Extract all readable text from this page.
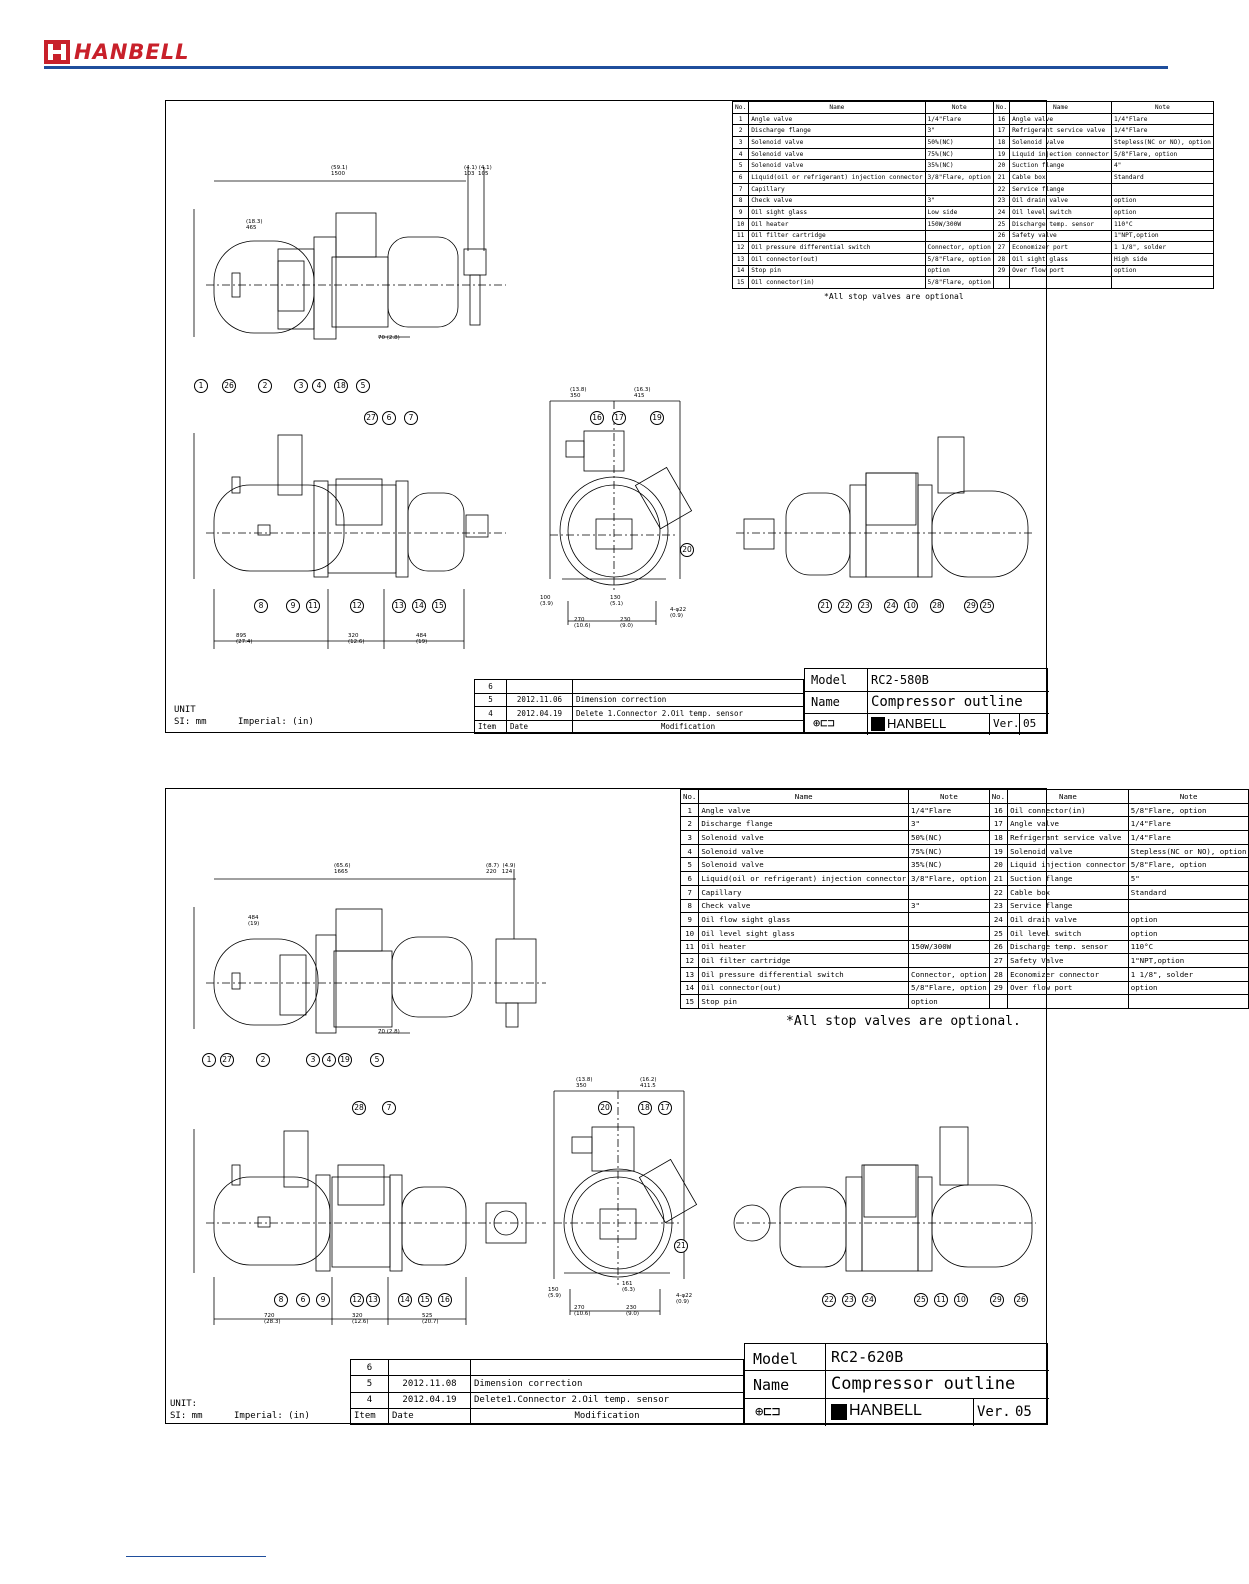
HANBELL
No.	Name	Note	No.	Name	Note
1	Angle valve	1/4"Flare	16	Angle valve	1/4"Flare
2	Discharge flange	3"	17	Refrigerant service valve	1/4"Flare
3	Solenoid valve	50%(NC)	18	Solenoid valve	Stepless(NC or NO), option
4	Solenoid valve	75%(NC)	19	Liquid injection connector	5/8"Flare, option
5	Solenoid valve	35%(NC)	20	Suction flange	4"
6	Liquid(oil or refrigerant) injection connector	3/8"Flare, option	21	Cable box	Standard
7	Capillary		22	Service flange	
8	Check valve	3"	23	Oil drain valve	option
9	Oil sight glass	Low side	24	Oil level switch	option
10	Oil heater	150W/300W	25	Discharge temp. sensor	110°C
11	Oil filter cartridge		26	Safety valve	1"NPT,option
12	Oil pressure differential switch	Connector, option	27	Economizer port	1 1/8", solder
13	Oil connector(out)	5/8"Flare, option	28	Oil sight glass	High side
14	Stop pin	option	29	Over flow port	option
15	Oil connector(in)	5/8"Flare, option			
*All stop valves are optional
1	26	2	3	4	18	5
27	6	7
8	9	11	12	13 14 15
16 17	19
20
21 22 23 24 10 28	29 25
(59.1)
1500
(4.1) (4.1)
103  105
(18.3)
465
70 (2.8)
895
(27.4)
320
(12.6)
484
(19)
270
(10.6)
230
(9.0)
100
(3.9)
130
(5.1)
4-φ22
(0.9)
(13.8)
350
(16.3)
415
6		
5	2012.11.06	Dimension correction
4	2012.04.19	Delete 1.Connector 2.Oil temp. sensor
Item	Date	Modification
Model RC2-580B
Name Compressor outline
⊕⊏⊐	HANBELL	Ver. 05
UNIT
SI: mm	Imperial: (in)
No.	Name	Note	No.	Name	Note
1	Angle valve	1/4"Flare	16	Oil connector(in)	5/8"Flare, option
2	Discharge flange	3"	17	Angle valve	1/4"Flare
3	Solenoid valve	50%(NC)	18	Refrigerant service valve	1/4"Flare
4	Solenoid valve	75%(NC)	19	Solenoid valve	Stepless(NC or NO), option
5	Solenoid valve	35%(NC)	20	Liquid injection connector	5/8"Flare, option
6	Liquid(oil or refrigerant) injection connector	3/8"Flare, option	21	Suction flange	5"
7	Capillary		22	Cable box	Standard
8	Check valve	3"	23	Service flange	
9	Oil flow sight glass		24	Oil drain valve	option
10	Oil level sight glass		25	Oil level switch	option
11	Oil heater	150W/300W	26	Discharge temp. sensor	110°C
12	Oil filter cartridge		27	Safety Valve	1"NPT,option
13	Oil pressure differential switch	Connector, option	28	Economizer connector	1 1/8", solder
14	Oil connector(out)	5/8"Flare, option	29	Over flow port	option
15	Stop pin	option			
*All stop valves are optional.
1	27	2	3	4	19	5
28	7
8	6	9	12 13	14 15 16
20	18 17
21
22 23 24	25 11 10	29 26
(65.6)
1665
(8.7)  (4.9)
220   124
484
(19)
70 (2.8)
720
(28.3)
320
(12.6)
525
(20.7)
270
(10.6)
230
(9.0)
150
(5.9)
161
(6.3)
4-φ22
(0.9)
(13.8)
350
(16.2)
411.5
6		
5	2012.11.08	Dimension correction
4	2012.04.19	Delete1.Connector 2.Oil temp. sensor
Item	Date	Modification
Model RC2-620B
Name Compressor outline
⊕⊏⊐	HANBELL	Ver. 05
UNIT:
SI: mm	Imperial: (in)
